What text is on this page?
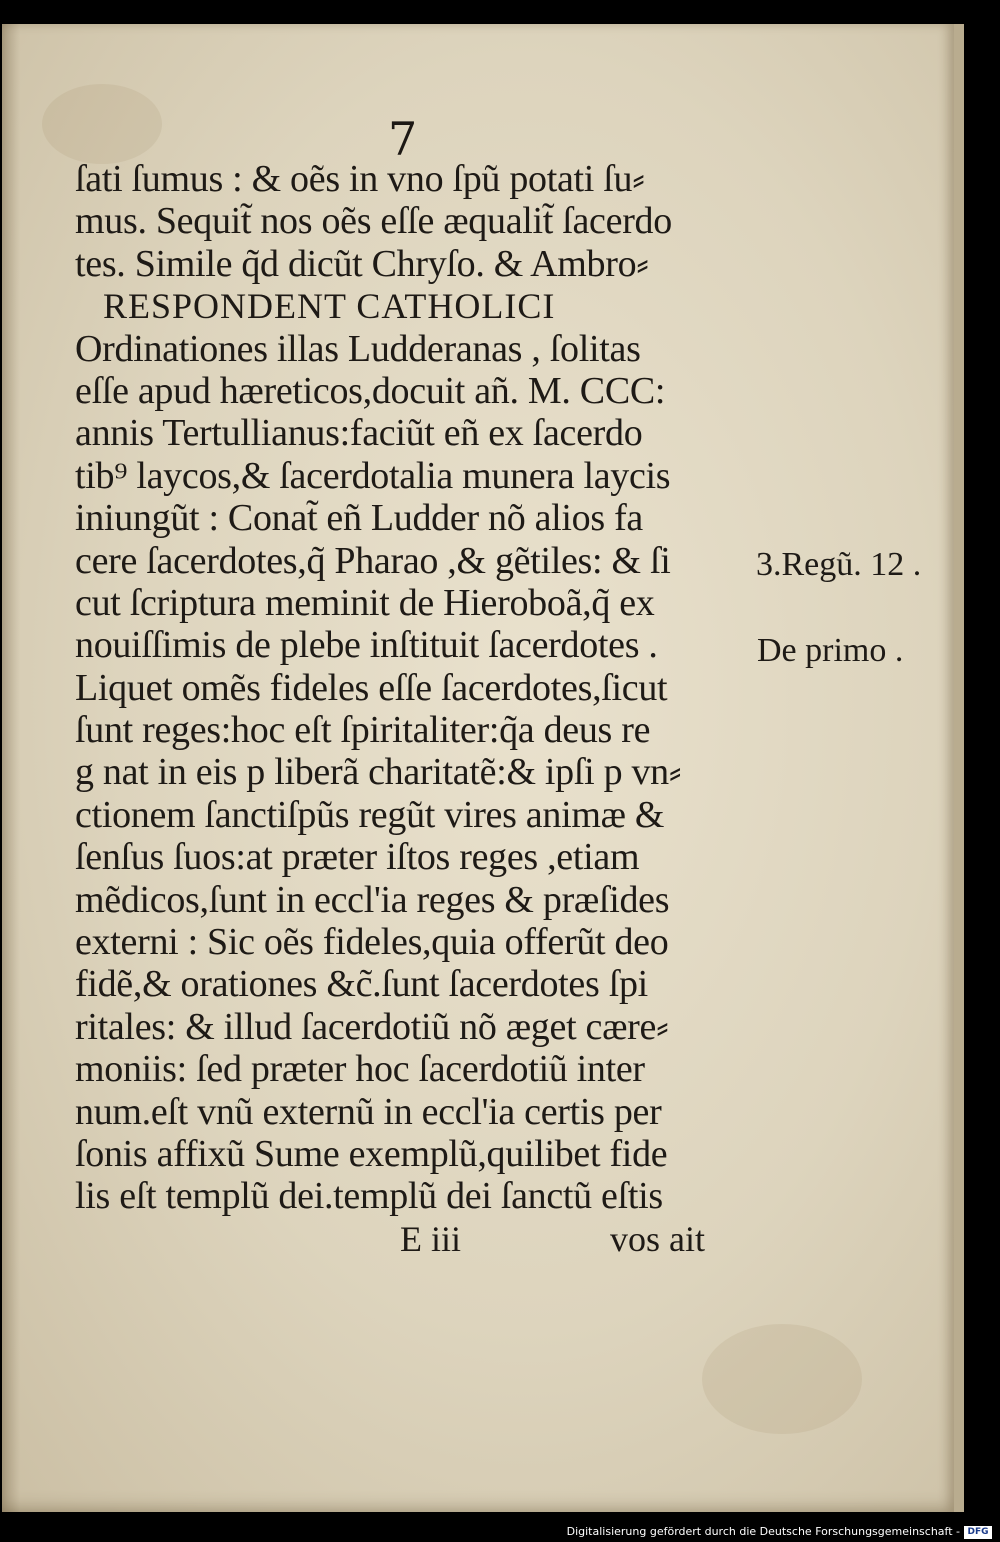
7
ſati ſumus : & oẽs in vno ſpũ potati ſu⸗
mus. Sequit̃ nos oẽs eſſe æqualit̃ ſacerdo
tes. Simile q̃d dicũt Chryſo. & Ambro⸗
RESPONDENT CATHOLICI
Ordinationes illas Ludderanas , ſolitas
eſſe apud hæreticos,docuit añ. M. CCC:
annis Tertullianus:faciũt eñ ex ſacerdo
tib⁹ laycos,& ſacerdotalia munera laycis
iniungũt : Conat̃ eñ Ludder nõ alios fa
cere ſacerdotes,q̃ Pharao ,& gẽtiles: & ſi
cut ſcriptura meminit de Hieroboã,q̃ ex
nouiſſimis de plebe inſtituit ſacerdotes .
Liquet omẽs fideles eſſe ſacerdotes,ſicut
ſunt reges:hoc eſt ſpiritaliter:q̃a deus re
g nat in eis p liberã charitatẽ:& ipſi p vn⸗
ctionem ſanctiſpũs regũt vires animæ &
ſenſus ſuos:at præter iſtos reges ,etiam
mẽdicos,ſunt in eccl'ia reges & præſides
externi : Sic oẽs fideles,quia offerũt deo
fidẽ,& orationes &c̃.ſunt ſacerdotes ſpi
ritales: & illud ſacerdotiũ nõ æget cære⸗
moniis: ſed præter hoc ſacerdotiũ inter
num.eſt vnũ externũ in eccl'ia certis per
ſonis affixũ Sume exemplũ,quilibet fide
lis eſt templũ dei.templũ dei ſanctũ eſtis
3.Regũ. 12 .
De primo .
E iii	vos ait
Digitalisierung gefördert durch die Deutsche Forschungsgemeinschaft - DFG
